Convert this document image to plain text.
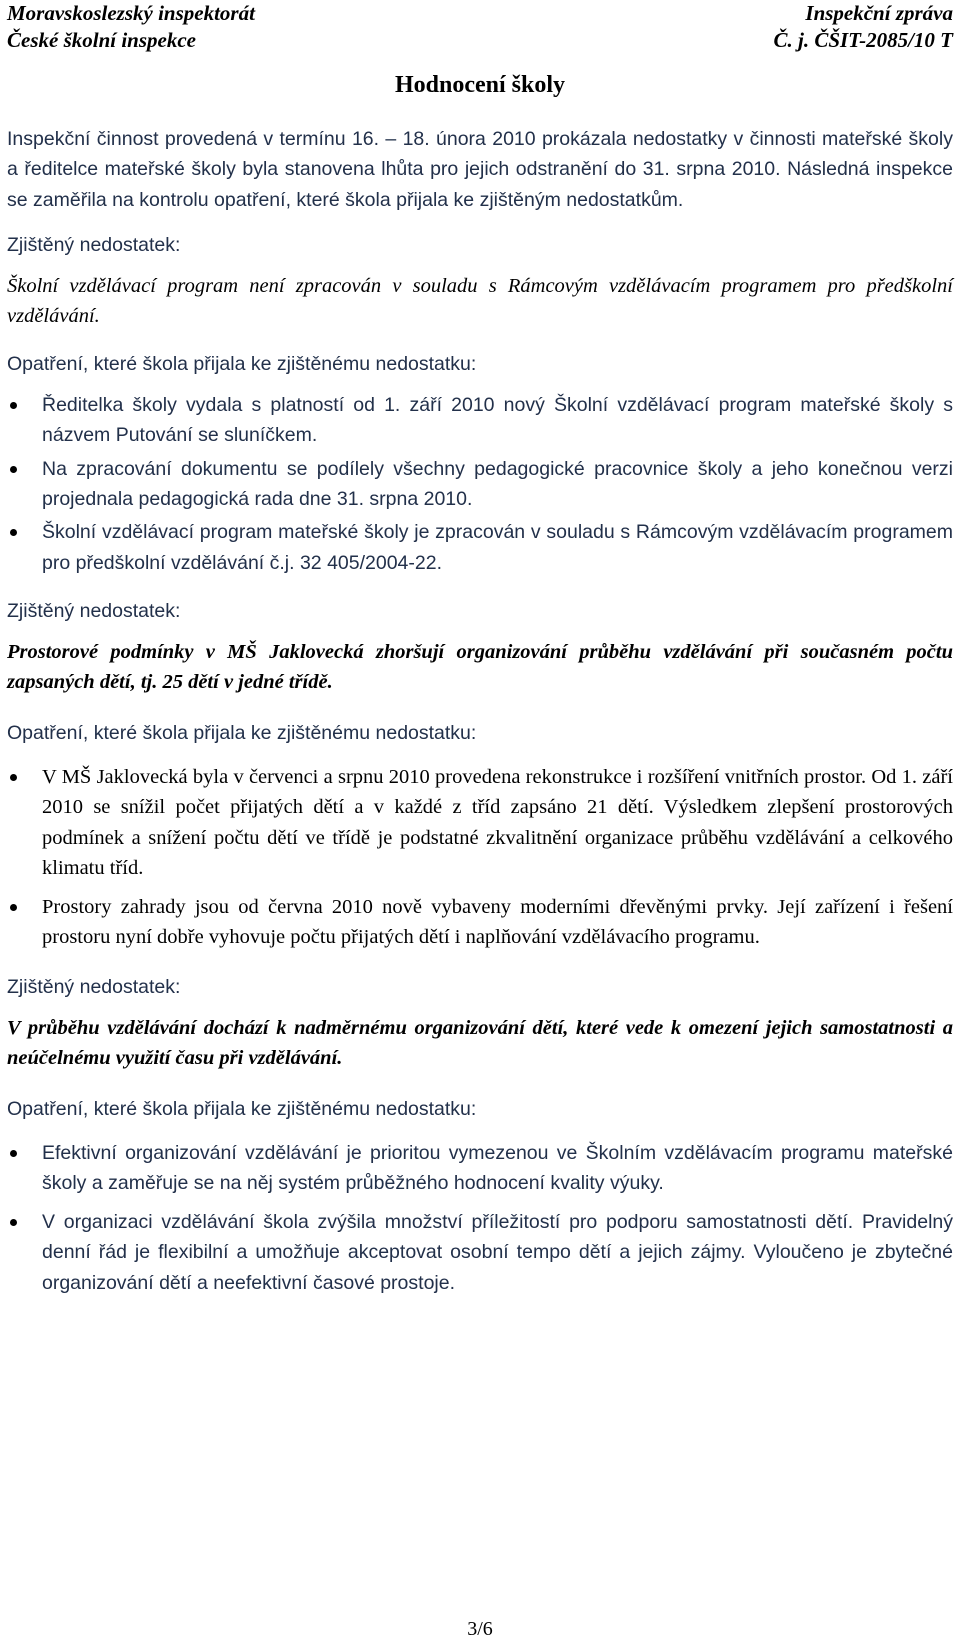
Moravskoslezský inspektorát
České školní inspekce
Inspekční zpráva
Č. j. ČŠIT-2085/10 T
Hodnocení školy

Inspekční činnost provedená v termínu 16. – 18. února 2010 prokázala nedostatky v činnosti mateřské školy a ředitelce mateřské školy byla stanovena lhůta pro jejich odstranění do 31. srpna 2010. Následná inspekce se zaměřila na kontrolu opatření, které škola přijala ke zjištěným nedostatkům.

Zjištěný nedostatek:

Školní vzdělávací program není zpracován v souladu s Rámcovým vzdělávacím programem pro předškolní vzdělávání.

Opatření, které škola přijala ke zjištěnému nedostatku:

Ředitelka školy vydala s platností od 1. září 2010 nový Školní vzdělávací program mateřské školy s názvem Putování se sluníčkem.
Na zpracování dokumentu se podílely všechny pedagogické pracovnice školy a jeho konečnou verzi projednala pedagogická rada dne 31. srpna 2010.
Školní vzdělávací program mateřské školy je zpracován v souladu s Rámcovým vzdělávacím programem pro předškolní vzdělávání č.j. 32 405/2004-22.

Zjištěný nedostatek:

Prostorové podmínky v MŠ Jaklovecká zhoršují organizování průběhu vzdělávání při současném počtu zapsaných dětí, tj. 25 dětí v jedné třídě.

Opatření, které škola přijala ke zjištěnému nedostatku:

V MŠ Jaklovecká byla v červenci a srpnu 2010 provedena rekonstrukce i rozšíření vnitřních prostor. Od 1. září 2010 se snížil počet přijatých dětí a v každé z tříd zapsáno 21 dětí. Výsledkem zlepšení prostorových podmínek a snížení počtu dětí ve třídě je podstatné zkvalitnění organizace průběhu vzdělávání a celkového klimatu tříd.
Prostory zahrady jsou od června 2010 nově vybaveny moderními dřevěnými prvky. Její zařízení i řešení prostoru nyní dobře vyhovuje počtu přijatých dětí i naplňování vzdělávacího programu.

Zjištěný nedostatek:

V průběhu vzdělávání dochází k nadměrnému organizování dětí, které vede k omezení jejich samostatnosti a neúčelnému využití času při vzdělávání.

Opatření, které škola přijala ke zjištěnému nedostatku:

Efektivní organizování vzdělávání je prioritou vymezenou ve Školním vzdělávacím programu mateřské školy a zaměřuje se na něj systém průběžného hodnocení kvality výuky.
V organizaci vzdělávání škola zvýšila množství příležitostí pro podporu samostatnosti dětí. Pravidelný denní řád je flexibilní a umožňuje akceptovat osobní tempo dětí a jejich zájmy. Vyloučeno je zbytečné organizování dětí a neefektivní časové prostoje.
3/6
